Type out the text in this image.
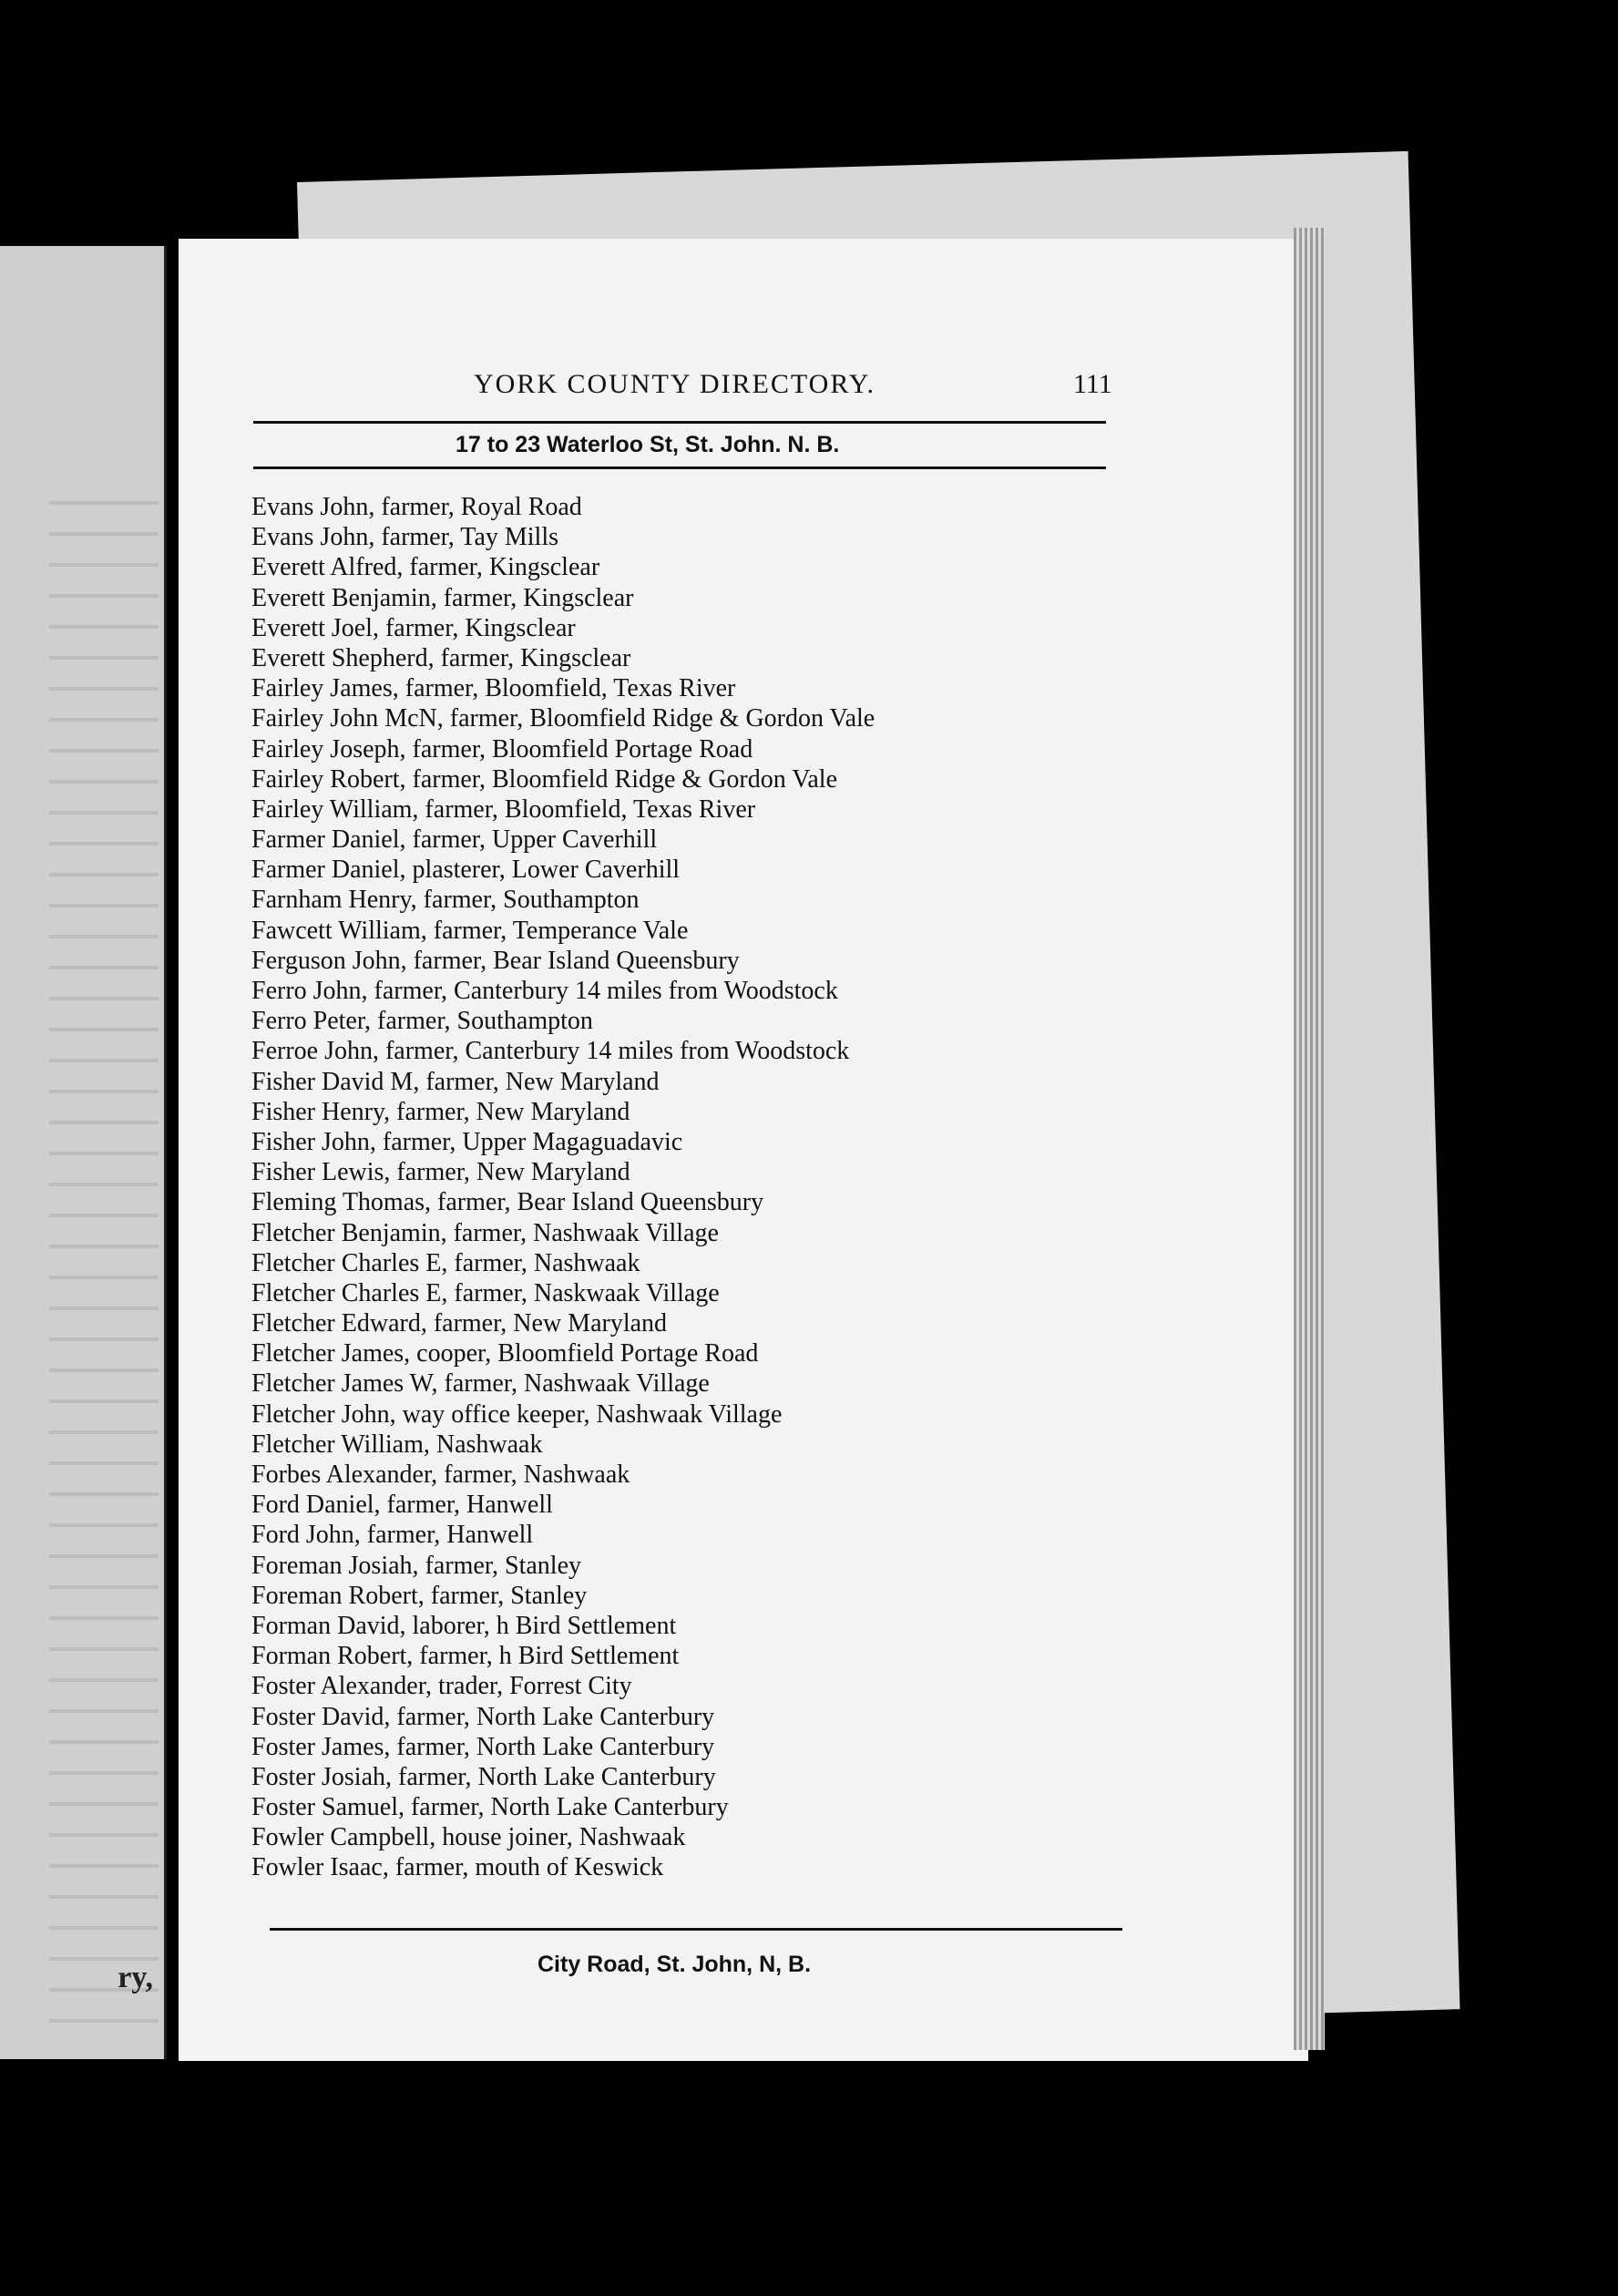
ry,
YORK COUNTY DIRECTORY.	111
17 to 23 Waterloo St, St. John. N. B.
Evans John, farmer, Royal Road
Evans John, farmer, Tay Mills
Everett Alfred, farmer, Kingsclear
Everett Benjamin, farmer, Kingsclear
Everett Joel, farmer, Kingsclear
Everett Shepherd, farmer, Kingsclear
Fairley James, farmer, Bloomfield, Texas River
Fairley John McN, farmer, Bloomfield Ridge & Gordon Vale
Fairley Joseph, farmer, Bloomfield Portage Road
Fairley Robert, farmer, Bloomfield Ridge & Gordon Vale
Fairley William, farmer, Bloomfield, Texas River
Farmer Daniel, farmer, Upper Caverhill
Farmer Daniel, plasterer, Lower Caverhill
Farnham Henry, farmer, Southampton
Fawcett William, farmer, Temperance Vale
Ferguson John, farmer, Bear Island Queensbury
Ferro John, farmer, Canterbury 14 miles from Woodstock
Ferro Peter, farmer, Southampton
Ferroe John, farmer, Canterbury 14 miles from Woodstock
Fisher David M, farmer, New Maryland
Fisher Henry, farmer, New Maryland
Fisher John, farmer, Upper Magaguadavic
Fisher Lewis, farmer, New Maryland
Fleming Thomas, farmer, Bear Island Queensbury
Fletcher Benjamin, farmer, Nashwaak Village
Fletcher Charles E, farmer, Nashwaak
Fletcher Charles E, farmer, Naskwaak Village
Fletcher Edward, farmer, New Maryland
Fletcher James, cooper, Bloomfield Portage Road
Fletcher James W, farmer, Nashwaak Village
Fletcher John, way office keeper, Nashwaak Village
Fletcher William, Nashwaak
Forbes Alexander, farmer, Nashwaak
Ford Daniel, farmer, Hanwell
Ford John, farmer, Hanwell
Foreman Josiah, farmer, Stanley
Foreman Robert, farmer, Stanley
Forman David, laborer, h Bird Settlement
Forman Robert, farmer, h Bird Settlement
Foster Alexander, trader, Forrest City
Foster David, farmer, North Lake Canterbury
Foster James, farmer, North Lake Canterbury
Foster Josiah, farmer, North Lake Canterbury
Foster Samuel, farmer, North Lake Canterbury
Fowler Campbell, house joiner, Nashwaak
Fowler Isaac, farmer, mouth of Keswick
City Road, St. John, N, B.
